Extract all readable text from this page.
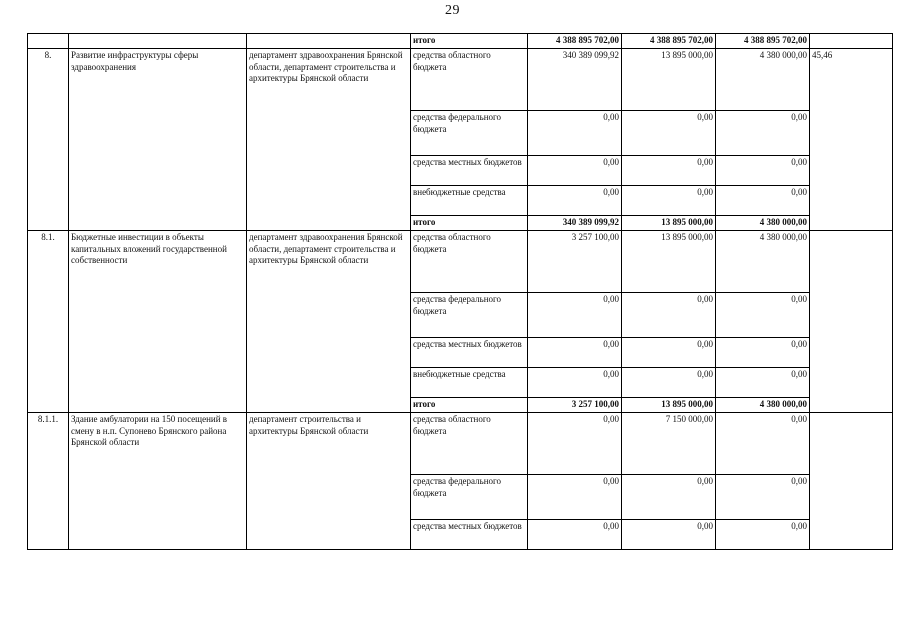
29
			итого	4 388 895 702,00	4 388 895 702,00	4 388 895 702,00	
8.	Развитие инфраструктуры сферы здравоохранения	департамент здравоохранения Брянской области, департамент строительства и архитектуры Брянской области	средства областного бюджета	340 389 099,92	13 895 000,00	4 380 000,00	45,46
			средства федерального бюджета	0,00	0,00	0,00	
			средства местных бюджетов	0,00	0,00	0,00	
			внебюджетные средства	0,00	0,00	0,00	
			итого	340 389 099,92	13 895 000,00	4 380 000,00	
8.1.	Бюджетные инвестиции в объекты капитальных вложений государственной собственности	департамент здравоохранения Брянской области, департамент строительства и архитектуры Брянской области	средства областного бюджета	3 257 100,00	13 895 000,00	4 380 000,00	
			средства федерального бюджета	0,00	0,00	0,00	
			средства местных бюджетов	0,00	0,00	0,00	
			внебюджетные средства	0,00	0,00	0,00	
			итого	3 257 100,00	13 895 000,00	4 380 000,00	
8.1.1.	Здание амбулатории на 150 посещений в смену в н.п. Супонево Брянского района Брянской области	департамент строительства и архитектуры Брянской области	средства областного бюджета	0,00	7 150 000,00	0,00	
			средства федерального бюджета	0,00	0,00	0,00	
			средства местных бюджетов	0,00	0,00	0,00	
